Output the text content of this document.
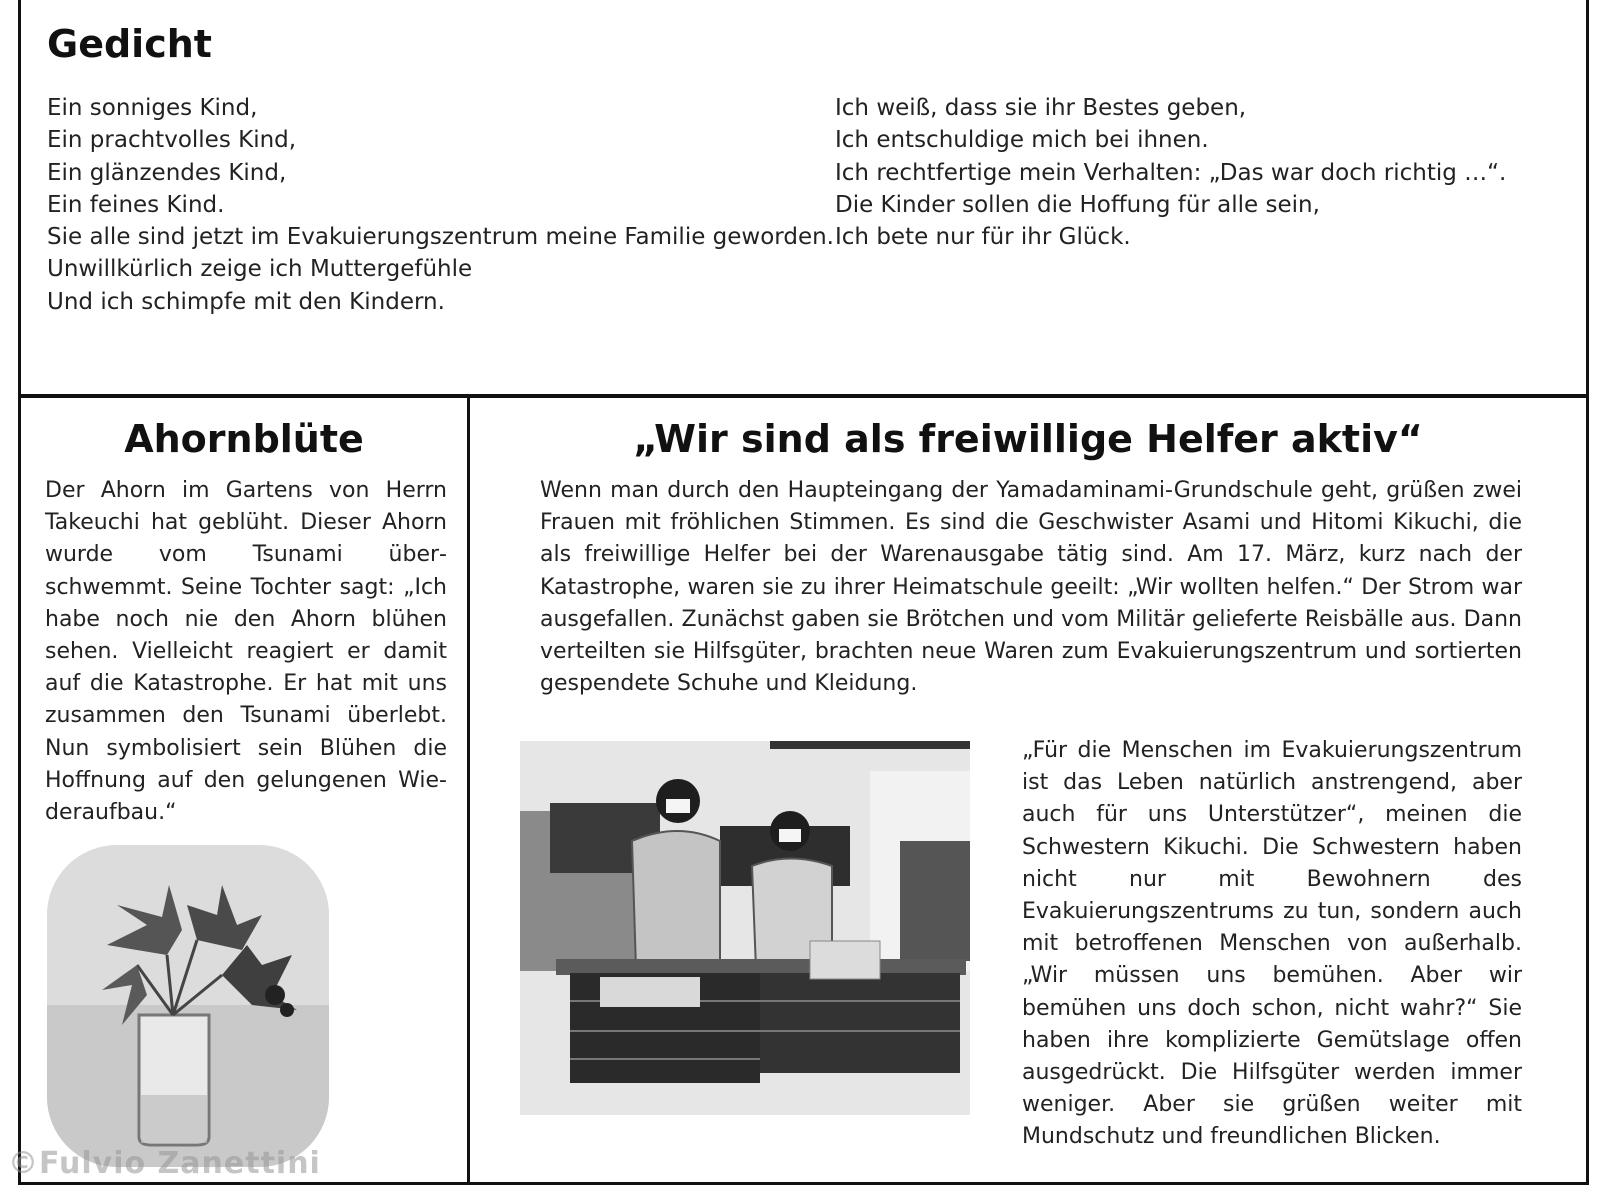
Gedicht
Ein sonniges Kind,
Ein prachtvolles Kind,
Ein glänzendes Kind,
Ein feines Kind.
Sie alle sind jetzt im Evakuierungszentrum meine Familie geworden.
Unwillkürlich zeige ich Muttergefühle
Und ich schimpfe mit den Kindern.
Ich weiß, dass sie ihr Bestes geben,
Ich entschuldige mich bei ihnen.
Ich rechtfertige mein Verhalten: „Das war doch richtig …“.
Die Kinder sollen die Hoffung für alle sein,
Ich bete nur für ihr Glück.
Ahornblüte
Der Ahorn im Gartens von Herrn Takeuchi hat geblüht. Dieser Ahorn wurde vom Tsunami überschwemmt. Seine Tochter sagt: „Ich habe noch nie den Ahorn blühen sehen. Vielleicht reagiert er damit auf die Katastrophe. Er hat mit uns zusammen den Tsunami überlebt. Nun symbolisiert sein Blühen die Hoffnung auf den gelungenen Wiederaufbau.“
„Wir sind als freiwillige Helfer aktiv“
Wenn man durch den Haupteingang der Yamadaminami-Grundschule geht, grüßen zwei Frauen mit fröhlichen Stimmen. Es sind die Geschwister Asami und Hitomi Kikuchi, die als freiwillige Helfer bei der Warenausgabe tätig sind. Am 17. März, kurz nach der Katastrophe, waren sie zu ihrer Heimatschule geeilt: „Wir wollten helfen.“ Der Strom war ausgefallen. Zunächst gaben sie Brötchen und vom Militär gelieferte Reisbälle aus. Dann verteilten sie Hilfsgüter, brachten neue Waren zum Evakuierungszentrum und sortierten gespendete Schuhe und Kleidung.
„Für die Menschen im Evakuierungszentrum ist das Leben natürlich anstrengend, aber auch für uns Unterstützer“, meinen die Schwestern Kikuchi. Die Schwestern haben nicht nur mit Bewohnern des Evakuierungszentrums zu tun, sondern auch mit betroffenen Menschen von außerhalb. „Wir müssen uns bemühen. Aber wir bemühen uns doch schon, nicht wahr?“ Sie haben ihre komplizierte Gemütslage offen ausgedrückt. Die Hilfsgüter werden immer weniger. Aber sie grüßen weiter mit Mundschutz und freundlichen Blicken.
©Fulvio Zanettini
